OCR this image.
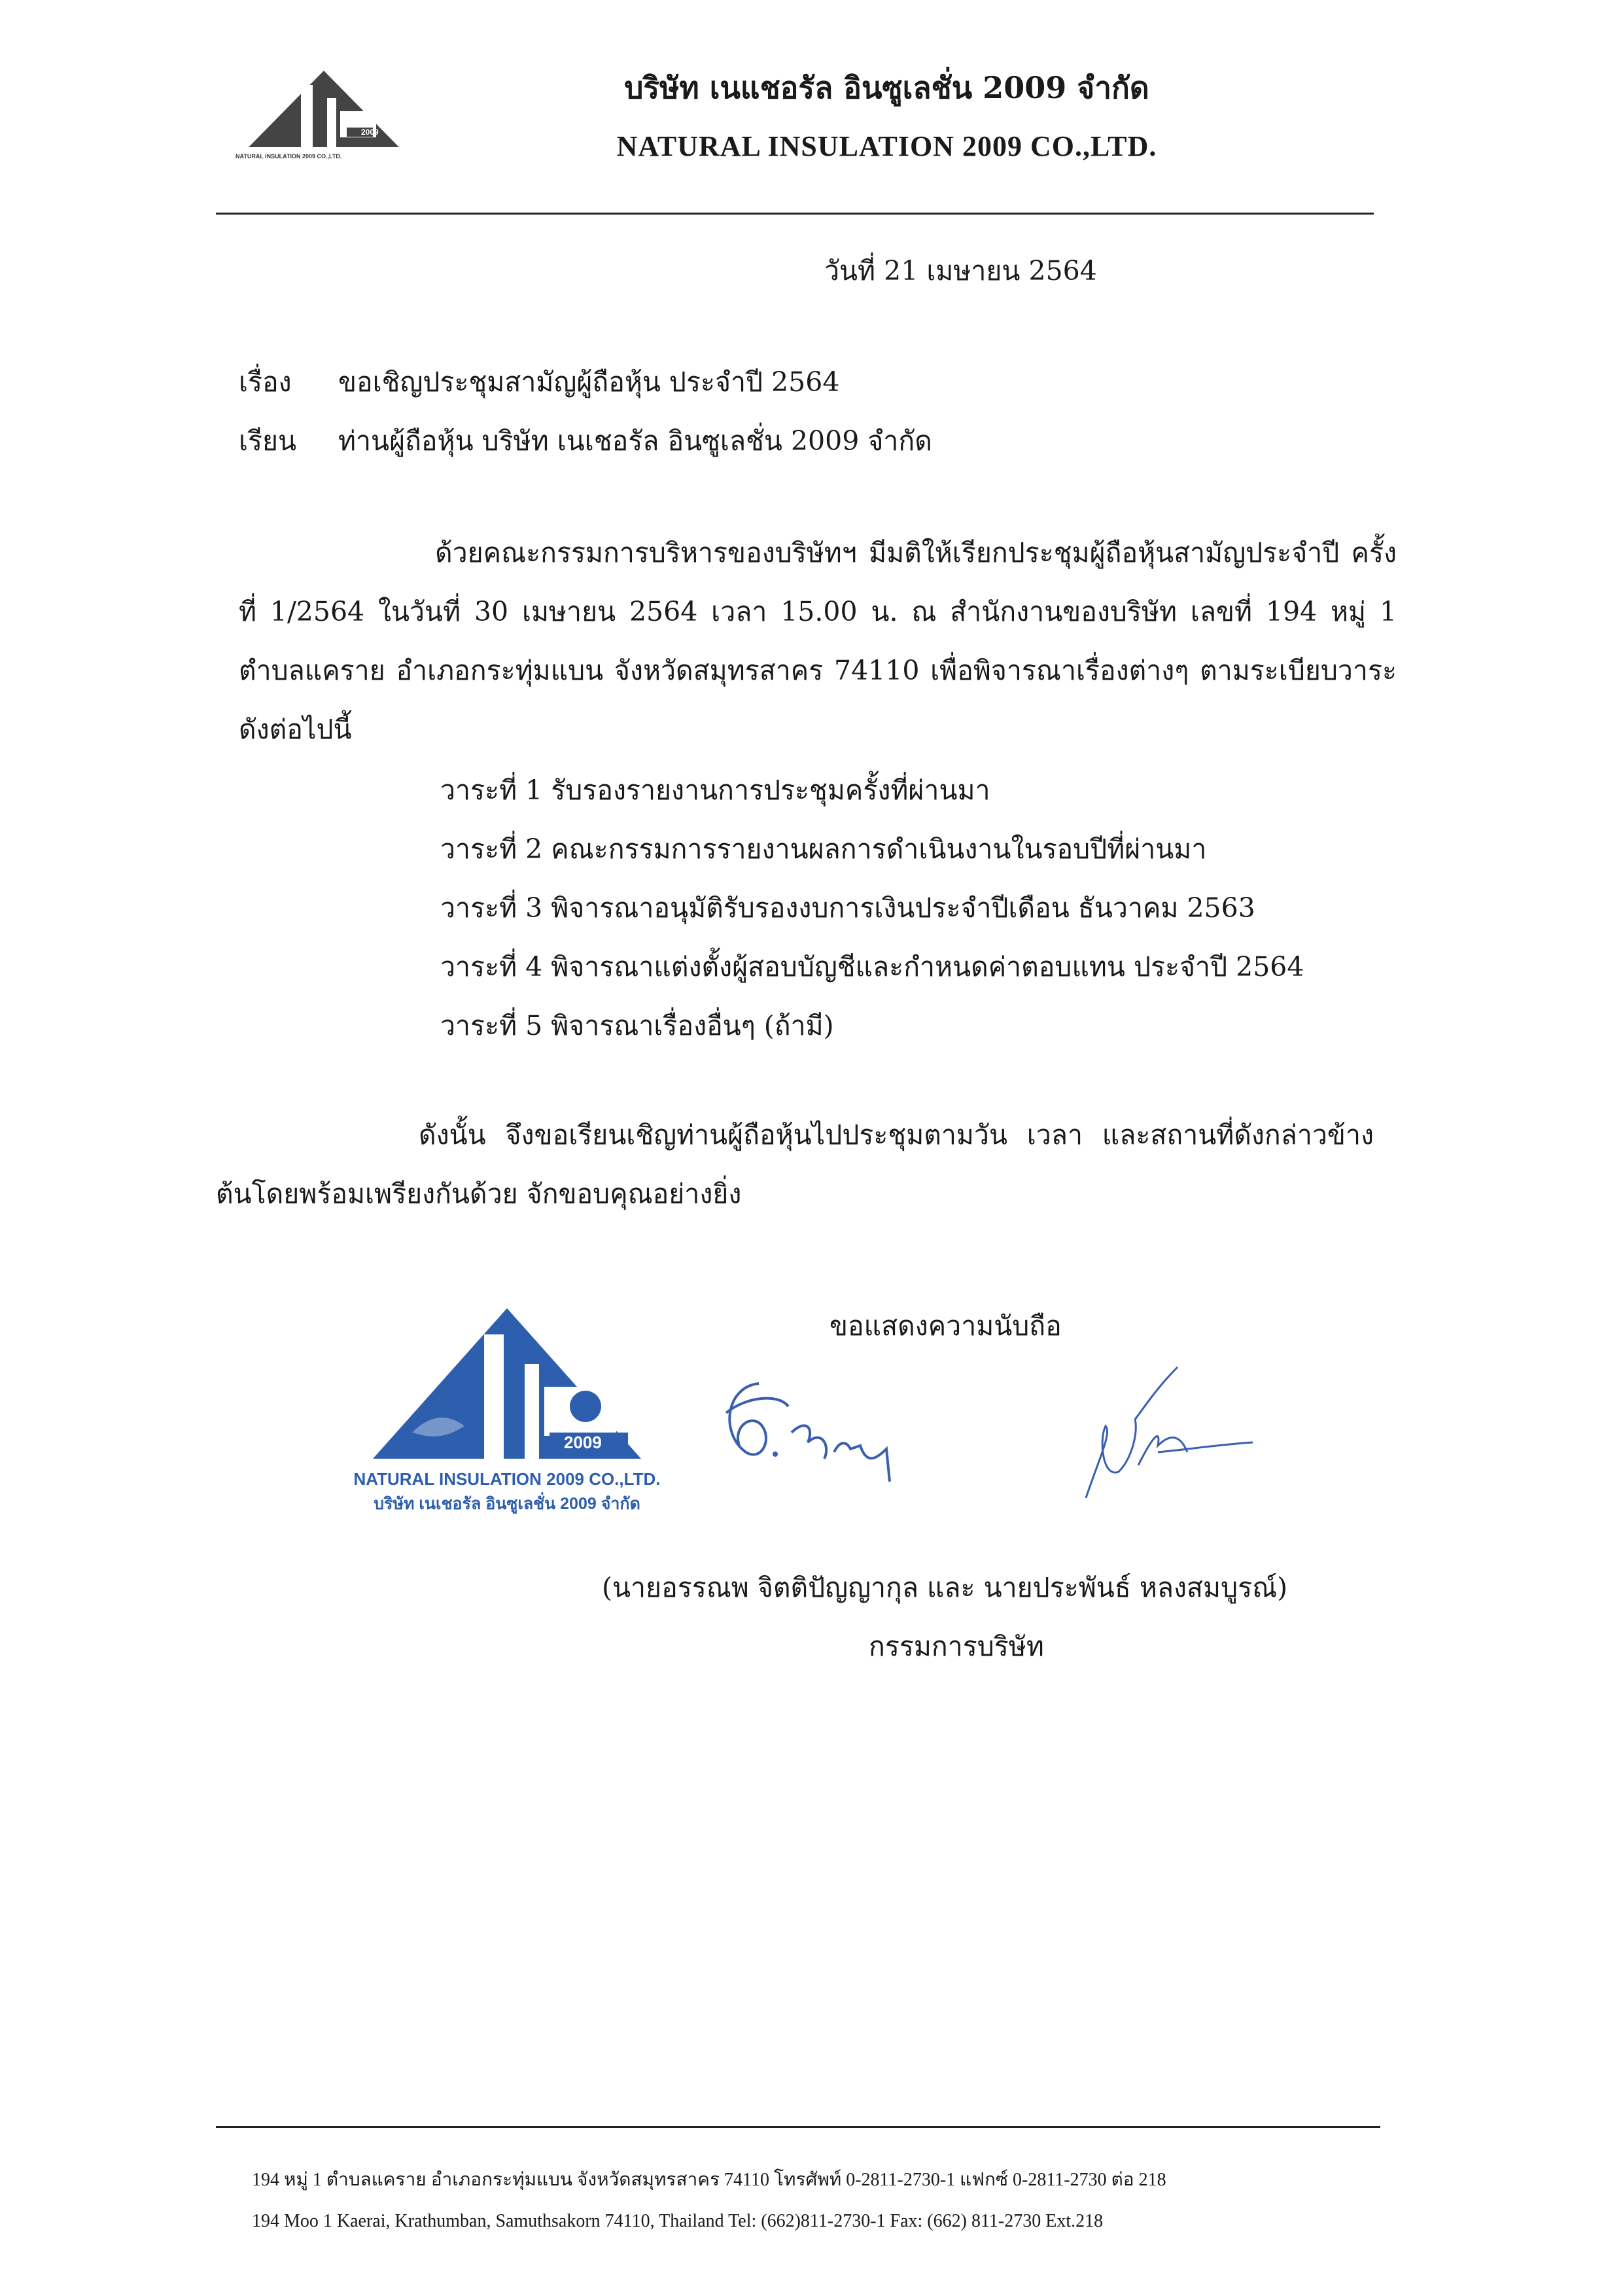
2009
NATURAL INSULATION 2009 CO.,LTD.
บริษัท เนแชอรัล อินซูเลชั่น 2009 จำกัด
NATURAL INSULATION 2009 CO.,LTD.
วันที่ 21 เมษายน 2564
เรื่อง ขอเชิญประชุมสามัญผู้ถือหุ้น ประจำปี 2564
เรียน ท่านผู้ถือหุ้น บริษัท เนเชอรัล อินซูเลชั่น 2009 จำกัด
ด้วยคณะกรรมการบริหารของบริษัทฯ มีมติให้เรียกประชุมผู้ถือหุ้นสามัญประจำปี ครั้งที่ 1/2564 ในวันที่ 30 เมษายน 2564 เวลา 15.00 น. ณ สำนักงานของบริษัท เลขที่ 194 หมู่ 1 ตำบลแคราย อำเภอกระทุ่มแบน จังหวัดสมุทรสาคร 74110 เพื่อพิจารณาเรื่องต่างๆ ตามระเบียบวาระดังต่อไปนี้
วาระที่ 1 รับรองรายงานการประชุมครั้งที่ผ่านมา
วาระที่ 2 คณะกรรมการรายงานผลการดำเนินงานในรอบปีที่ผ่านมา
วาระที่ 3 พิจารณาอนุมัติรับรองงบการเงินประจำปีเดือน ธันวาคม 2563
วาระที่ 4 พิจารณาแต่งตั้งผู้สอบบัญชีและกำหนดค่าตอบแทน ประจำปี 2564
วาระที่ 5 พิจารณาเรื่องอื่นๆ (ถ้ามี)
ดังนั้น จึงขอเรียนเชิญท่านผู้ถือหุ้นไปประชุมตามวัน เวลา และสถานที่ดังกล่าวข้างต้นโดยพร้อมเพรียงกันด้วย จักขอบคุณอย่างยิ่ง
ขอแสดงความนับถือ
2009
NATURAL INSULATION 2009 CO.,LTD.
บริษัท เนเชอรัล อินซูเลชั่น 2009 จำกัด
(นายอรรณพ จิตติปัญญากุล และ นายประพันธ์ หลงสมบูรณ์)
กรรมการบริษัท
194 หมู่ 1 ตำบลแคราย อำเภอกระทุ่มแบน จังหวัดสมุทรสาคร 74110 โทรศัพท์ 0-2811-2730-1 แฟกซ์ 0-2811-2730 ต่อ 218
194 Moo 1 Kaerai, Krathumban, Samuthsakorn 74110, Thailand Tel: (662)811-2730-1 Fax: (662) 811-2730 Ext.218
